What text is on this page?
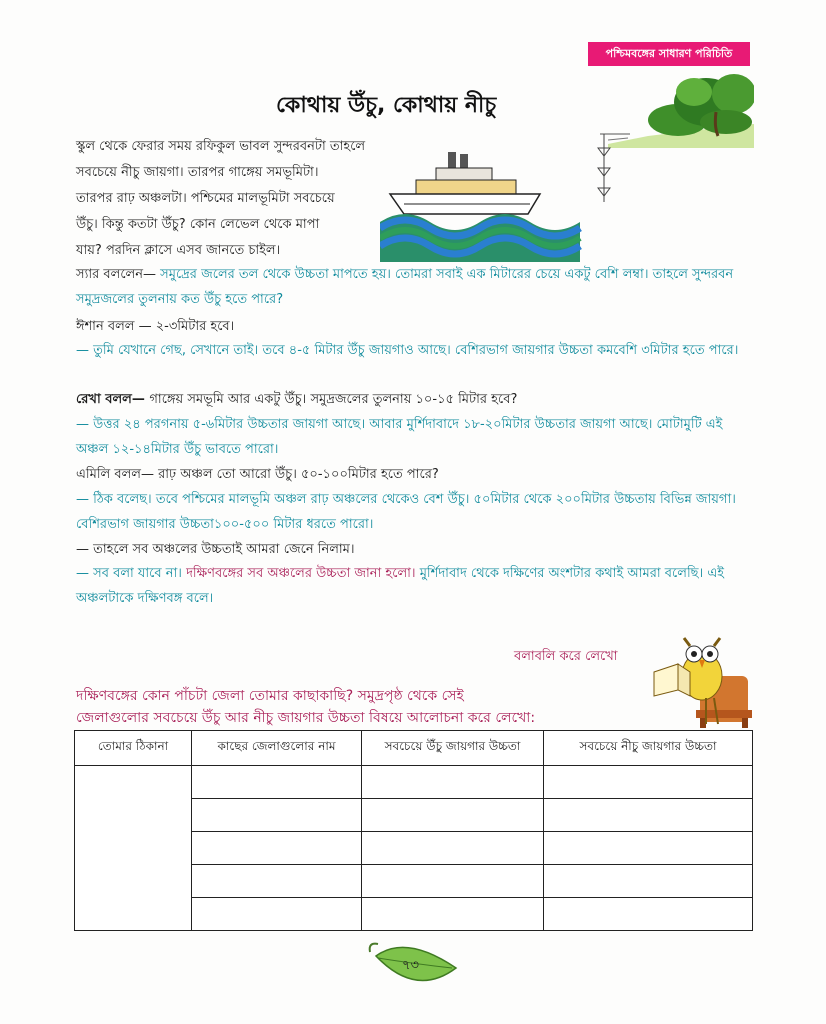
পশ্চিমবঙ্গের সাধারণ পরিচিতি
কোথায় উঁচু, কোথায় নীচু
স্কুল থেকে ফেরার সময় রফিকুল ভাবল সুন্দরবনটা তাহলে
সবচেয়ে নীচু জায়গা। তারপর গাঙ্গেয় সমভূমিটা।
তারপর রাঢ় অঞ্চলটা। পশ্চিমের মালভূমিটা সবচেয়ে
উঁচু। কিন্তু কতটা উঁচু? কোন লেভেল থেকে মাপা
যায়? পরদিন ক্লাসে এসব জানতে চাইল।
স্যার বললেন— সমুদ্রের জলের তল থেকে উচ্চতা মাপতে হয়। তোমরা সবাই এক মিটারের চেয়ে একটু বেশি লম্বা। তাহলে সুন্দরবন সমুদ্রজলের তুলনায় কত উঁচু হতে পারে?
ঈশান বলল — ২-৩মিটার হবে।
— তুমি যেখানে গেছ, সেখানে তাই। তবে ৪-৫ মিটার উঁচু জায়গাও আছে। বেশিরভাগ জায়গার উচ্চতা কমবেশি ৩মিটার হতে পারে।
রেখা বলল— গাঙ্গেয় সমভূমি আর একটু উঁচু। সমুদ্রজলের তুলনায় ১০-১৫ মিটার হবে?
— উত্তর ২৪ পরগনায় ৫-৬মিটার উচ্চতার জায়গা আছে। আবার মুর্শিদাবাদে ১৮-২০মিটার উচ্চতার জায়গা আছে। মোটামুটি এই অঞ্চল ১২-১৪মিটার উঁচু ভাবতে পারো।
এমিলি বলল— রাঢ় অঞ্চল তো আরো উঁচু। ৫০-১০০মিটার হতে পারে?
— ঠিক বলেছ। তবে পশ্চিমের মালভূমি অঞ্চল রাঢ় অঞ্চলের থেকেও বেশ উঁচু। ৫০মিটার থেকে ২০০মিটার উচ্চতায় বিভিন্ন জায়গা। বেশিরভাগ জায়গার উচ্চতা১০০-৫০০ মিটার ধরতে পারো।
— তাহলে সব অঞ্চলের উচ্চতাই আমরা জেনে নিলাম।
— সব বলা যাবে না। দক্ষিণবঙ্গের সব অঞ্চলের উচ্চতা জানা হলো। মুর্শিদাবাদ থেকে দক্ষিণের অংশটার কথাই আমরা বলেছি। এই অঞ্চলটাকে দক্ষিণবঙ্গ বলে।
বলাবলি করে লেখো
দক্ষিণবঙ্গের কোন পাঁচটা জেলা তোমার কাছাকাছি? সমুদ্রপৃষ্ঠ থেকে সেই
জেলাগুলোর সবচেয়ে উঁচু আর নীচু জায়গার উচ্চতা বিষয়ে আলোচনা করে লেখো:
তোমার ঠিকানা	কাছের জেলাগুলোর নাম	সবচেয়ে উঁচু জায়গার উচ্চতা	সবচেয়ে নীচু জায়গার উচ্চতা

৭৩
